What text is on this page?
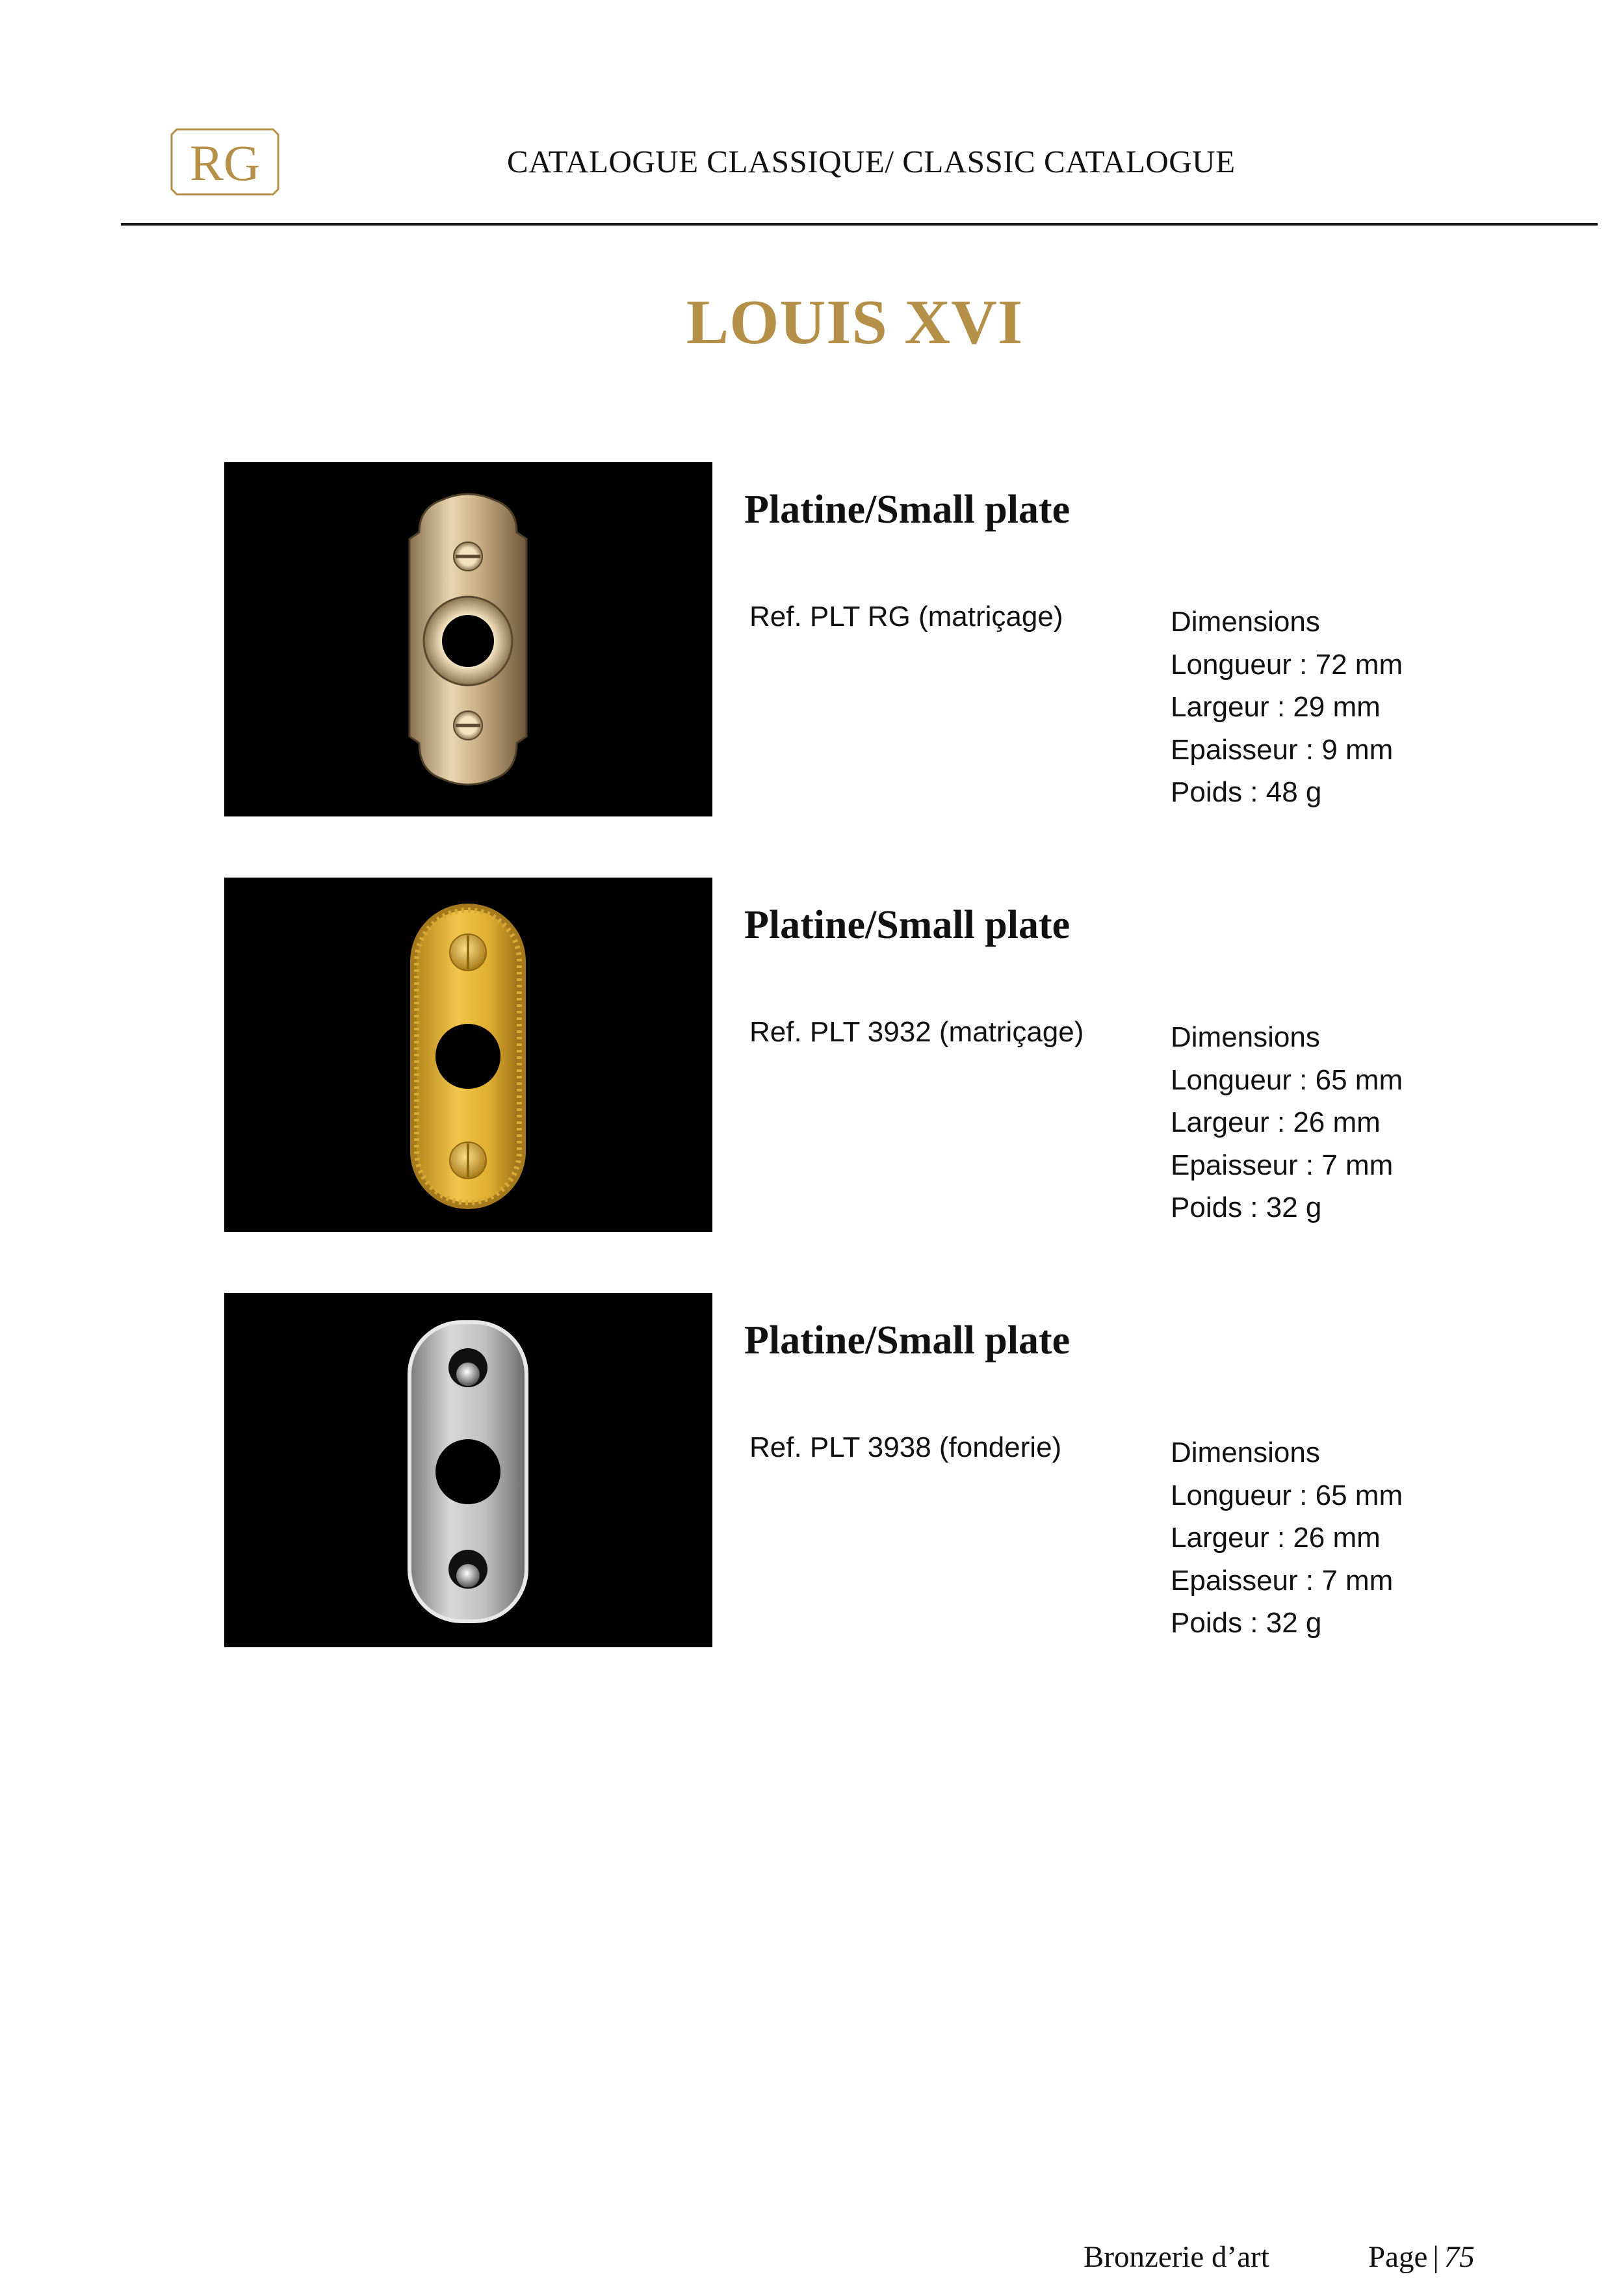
RG	CATALOGUE CLASSIQUE/ CLASSIC CATALOGUE
LOUIS XVI
Platine/Small plate
Ref. PLT RG (matriçage)	Dimensions
Longueur : 72 mm
Largeur : 29 mm
Epaisseur : 9 mm
Poids : 48 g
Platine/Small plate
Ref. PLT 3932 (matriçage)	Dimensions
Longueur : 65 mm
Largeur : 26 mm
Epaisseur : 7 mm
Poids : 32 g
Platine/Small plate
Ref. PLT 3938 (fonderie)	Dimensions
Longueur : 65 mm
Largeur : 26 mm
Epaisseur : 7 mm
Poids : 32 g
Bronzerie d’art	Page | 75
